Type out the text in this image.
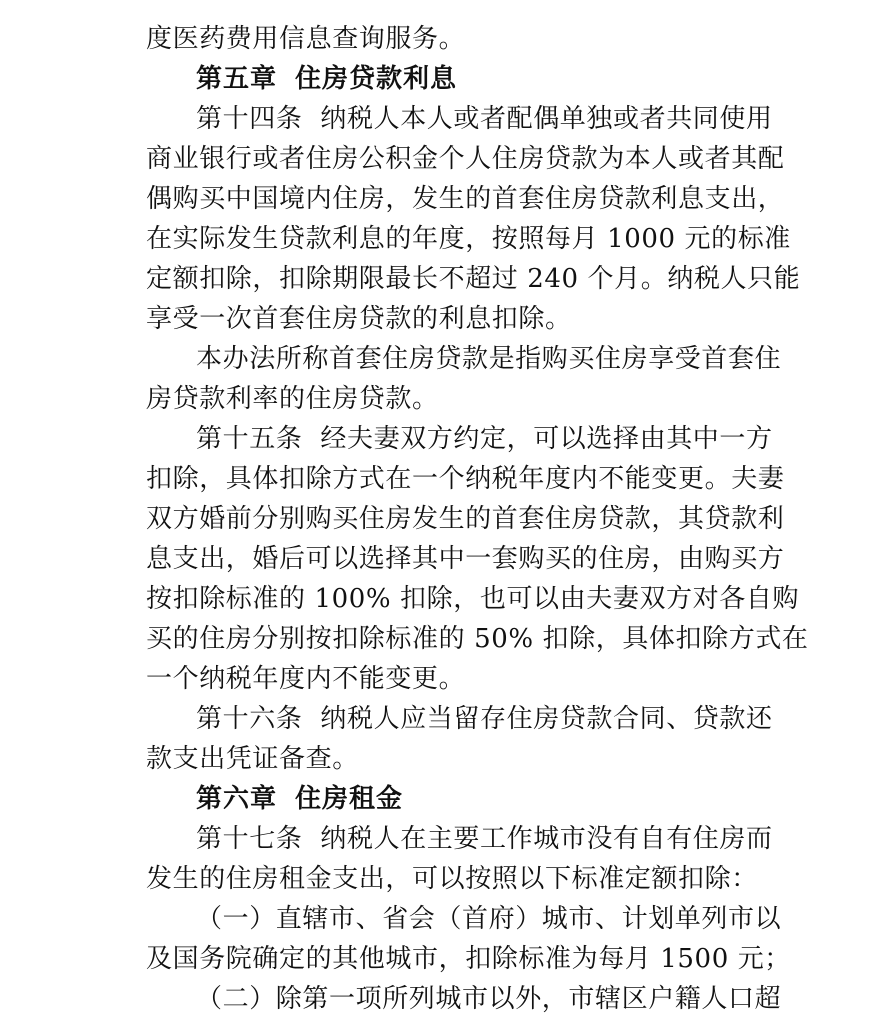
度医药费用信息查询服务。
第五章 住房贷款利息
第十四条 纳税人本人或者配偶单独或者共同使用
商业银行或者住房公积金个人住房贷款为本人或者其配
偶购买中国境内住房，发生的首套住房贷款利息支出，
在实际发生贷款利息的年度，按照每月 1000 元的标准
定额扣除，扣除期限最长不超过 240 个月。纳税人只能
享受一次首套住房贷款的利息扣除。
本办法所称首套住房贷款是指购买住房享受首套住
房贷款利率的住房贷款。
第十五条 经夫妻双方约定，可以选择由其中一方
扣除，具体扣除方式在一个纳税年度内不能变更。夫妻
双方婚前分别购买住房发生的首套住房贷款，其贷款利
息支出，婚后可以选择其中一套购买的住房，由购买方
按扣除标准的 100% 扣除，也可以由夫妻双方对各自购
买的住房分别按扣除标准的 50% 扣除，具体扣除方式在
一个纳税年度内不能变更。
第十六条 纳税人应当留存住房贷款合同、贷款还
款支出凭证备查。
第六章 住房租金
第十七条 纳税人在主要工作城市没有自有住房而
发生的住房租金支出，可以按照以下标准定额扣除：
（一）直辖市、省会（首府）城市、计划单列市以
及国务院确定的其他城市，扣除标准为每月 1500 元；
（二）除第一项所列城市以外，市辖区户籍人口超
